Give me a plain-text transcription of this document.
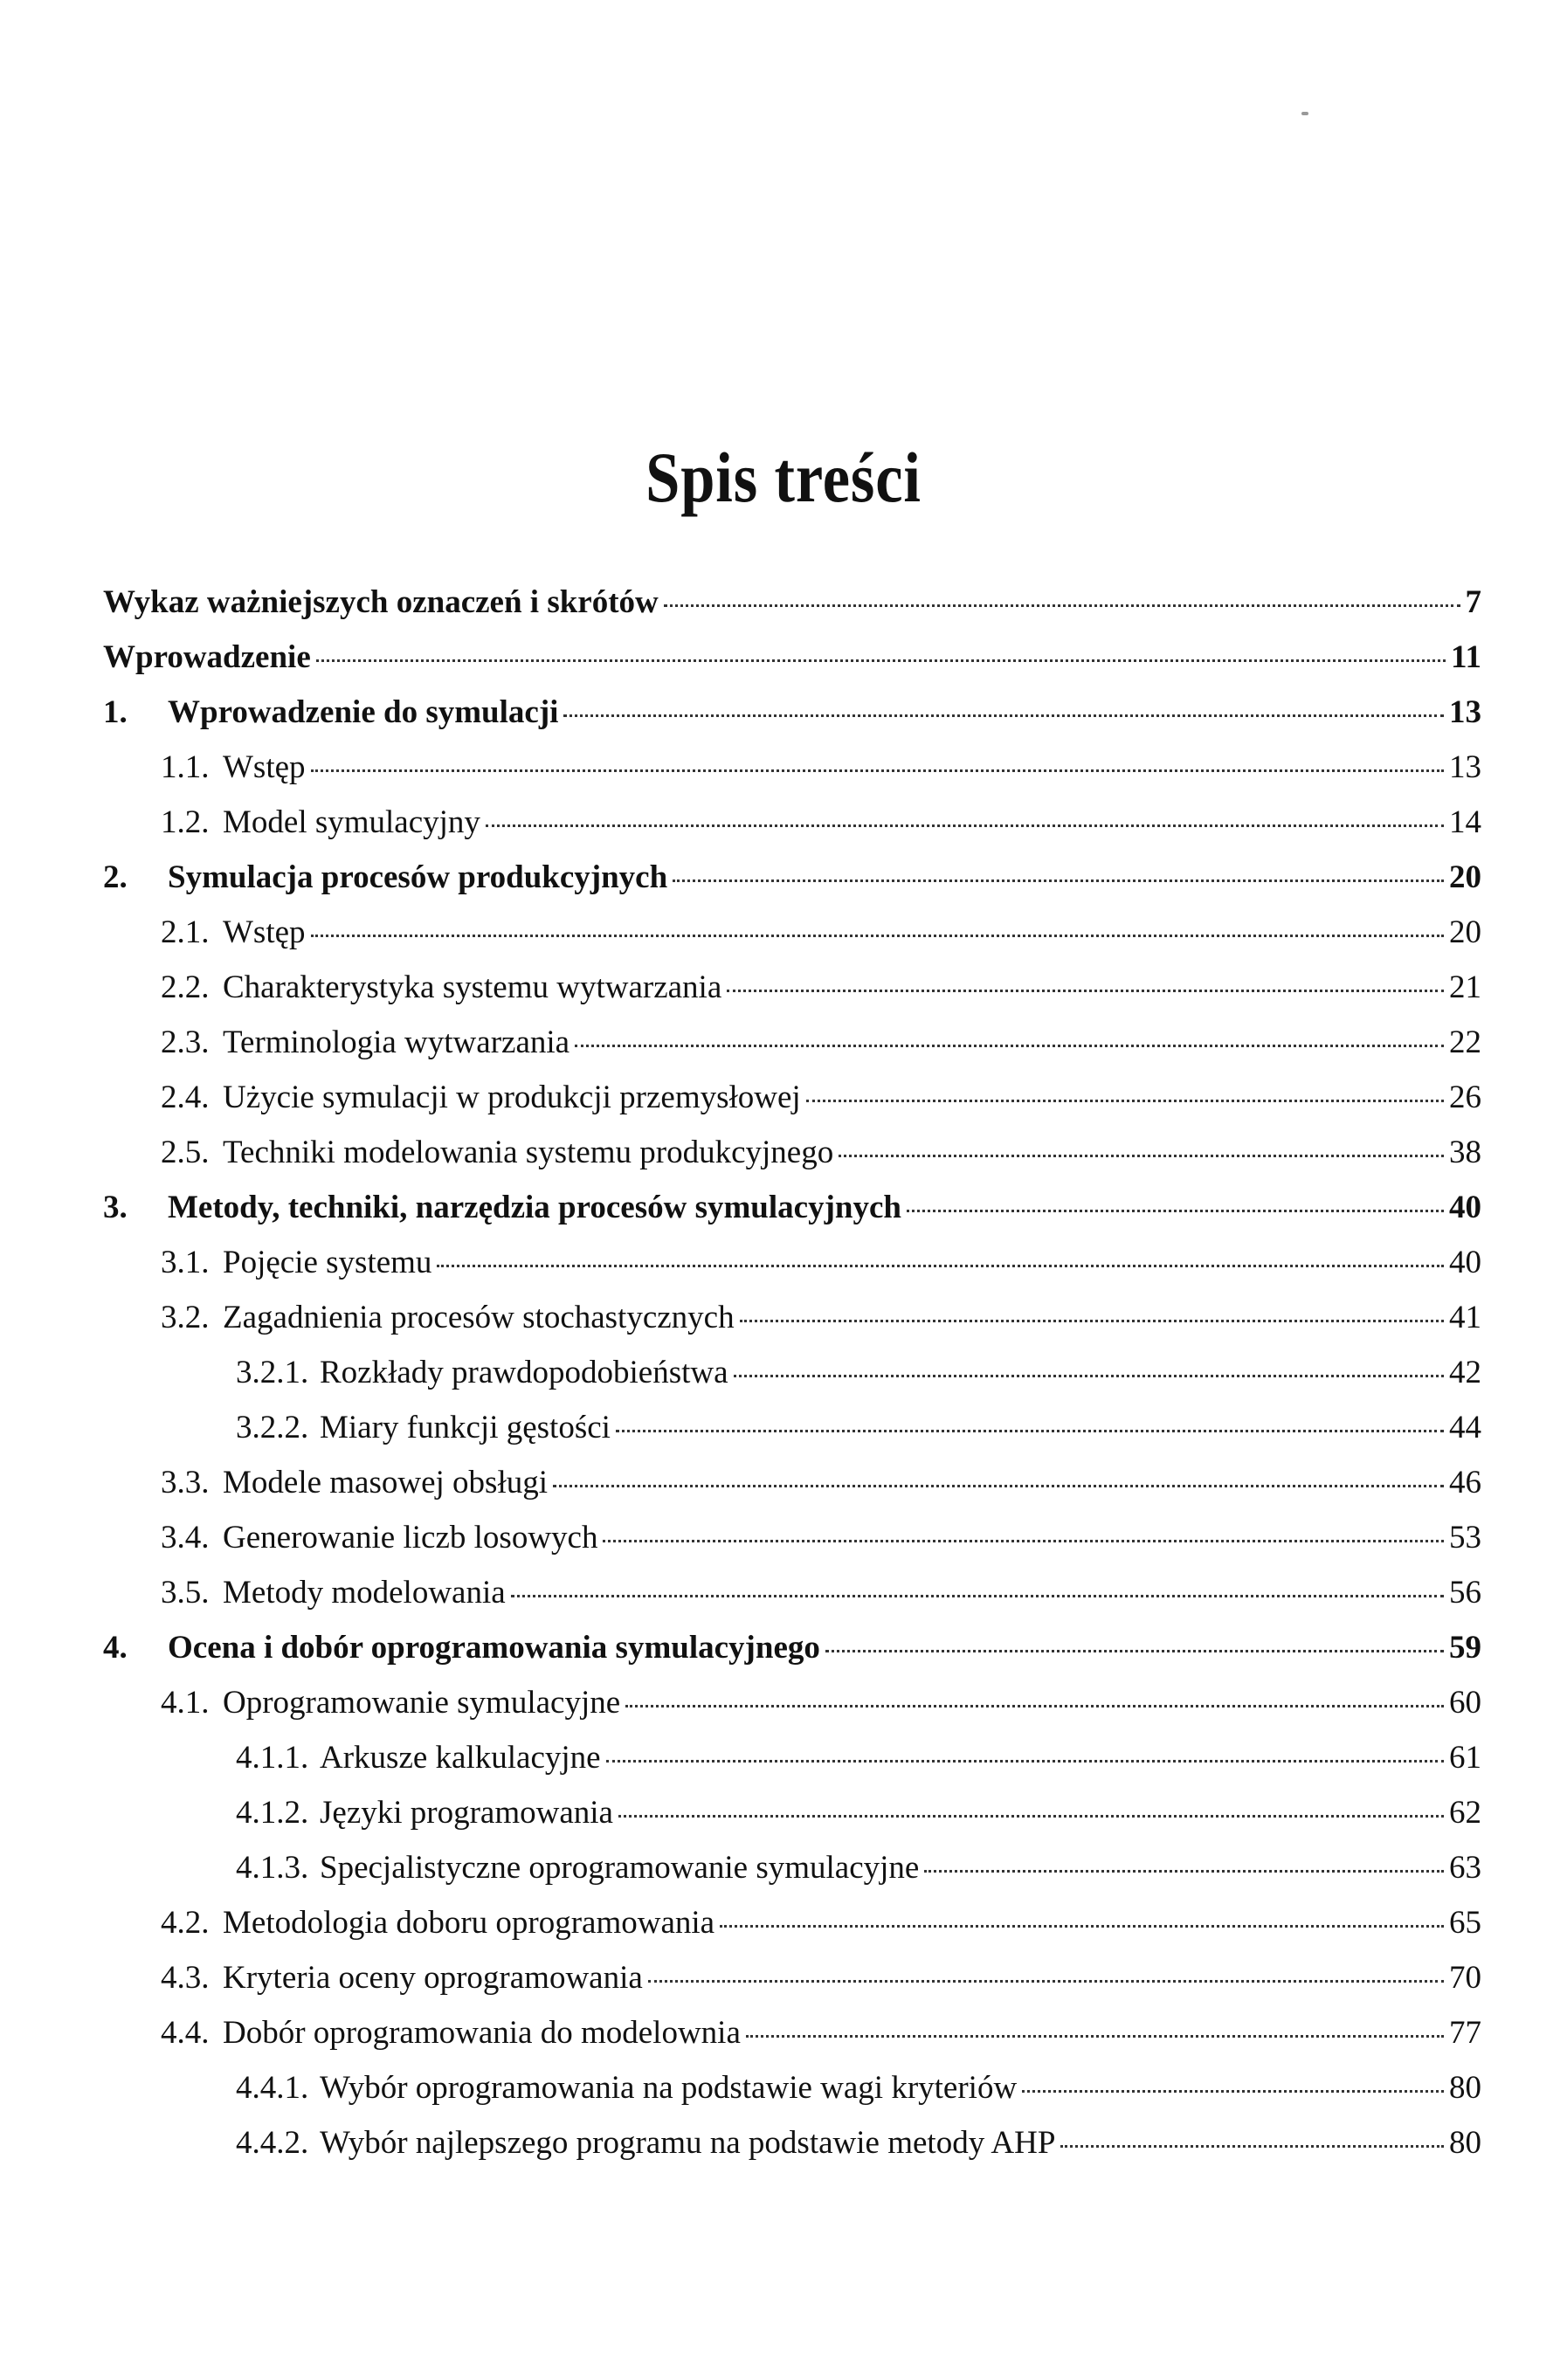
Spis treści
Wykaz ważniejszych oznaczeń i skrótów	7
Wprowadzenie	11
1.	Wprowadzenie do symulacji	13
1.1. Wstęp	13
1.2. Model symulacyjny	14
2.	Symulacja procesów produkcyjnych	20
2.1. Wstęp	20
2.2. Charakterystyka systemu wytwarzania	21
2.3. Terminologia wytwarzania	22
2.4. Użycie symulacji w produkcji przemysłowej	26
2.5. Techniki modelowania systemu produkcyjnego	38
3.	Metody, techniki, narzędzia procesów symulacyjnych	40
3.1. Pojęcie systemu	40
3.2. Zagadnienia procesów stochastycznych	41
3.2.1. Rozkłady prawdopodobieństwa	42
3.2.2. Miary funkcji gęstości	44
3.3. Modele masowej obsługi	46
3.4. Generowanie liczb losowych	53
3.5. Metody modelowania	56
4.	Ocena i dobór oprogramowania symulacyjnego	59
4.1. Oprogramowanie symulacyjne	60
4.1.1. Arkusze kalkulacyjne	61
4.1.2. Języki programowania	62
4.1.3. Specjalistyczne oprogramowanie symulacyjne	63
4.2. Metodologia doboru oprogramowania	65
4.3. Kryteria oceny oprogramowania	70
4.4. Dobór oprogramowania do modelownia	77
4.4.1. Wybór oprogramowania na podstawie wagi kryteriów	80
4.4.2. Wybór najlepszego programu na podstawie metody AHP	80
